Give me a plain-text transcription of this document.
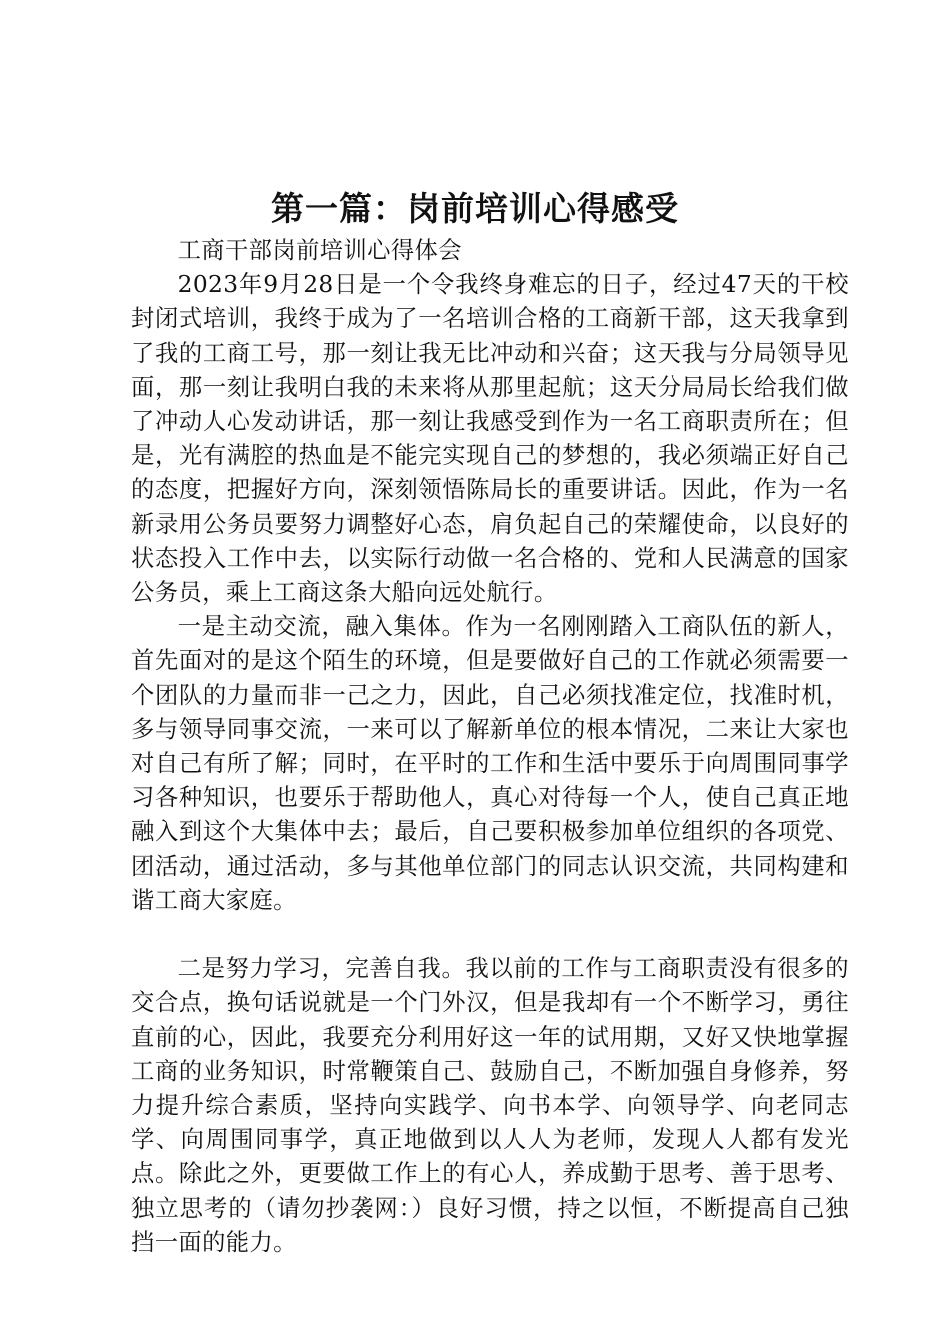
第一篇：岗前培训心得感受

工商干部岗前培训心得体会

2023年9月28日是一个令我终身难忘的日子，经过47天的干校封闭式培训，我终于成为了一名培训合格的工商新干部，这天我拿到了我的工商工号，那一刻让我无比冲动和兴奋；这天我与分局领导见面，那一刻让我明白我的未来将从那里起航；这天分局局长给我们做了冲动人心发动讲话，那一刻让我感受到作为一名工商职责所在；但是，光有满腔的热血是不能完实现自己的梦想的，我必须端正好自己的态度，把握好方向，深刻领悟陈局长的重要讲话。因此，作为一名新录用公务员要努力调整好心态，肩负起自己的荣耀使命，以良好的状态投入工作中去，以实际行动做一名合格的、党和人民满意的国家公务员，乘上工商这条大船向远处航行。

一是主动交流，融入集体。作为一名刚刚踏入工商队伍的新人，首先面对的是这个陌生的环境，但是要做好自己的工作就必须需要一个团队的力量而非一己之力，因此，自己必须找准定位，找准时机，多与领导同事交流，一来可以了解新单位的根本情况，二来让大家也对自己有所了解；同时，在平时的工作和生活中要乐于向周围同事学习各种知识，也要乐于帮助他人，真心对待每一个人，使自己真正地融入到这个大集体中去；最后，自己要积极参加单位组织的各项党、团活动，通过活动，多与其他单位部门的同志认识交流，共同构建和谐工商大家庭。

二是努力学习，完善自我。我以前的工作与工商职责没有很多的交合点，换句话说就是一个门外汉，但是我却有一个不断学习，勇往直前的心，因此，我要充分利用好这一年的试用期，又好又快地掌握工商的业务知识，时常鞭策自己、鼓励自己，不断加强自身修养，努力提升综合素质，坚持向实践学、向书本学、向领导学、向老同志学、向周围同事学，真正地做到以人人为老师，发现人人都有发光点。除此之外，更要做工作上的有心人，养成勤于思考、善于思考、独立思考的（请勿抄袭网：）良好习惯，持之以恒，不断提高自己独挡一面的能力。
